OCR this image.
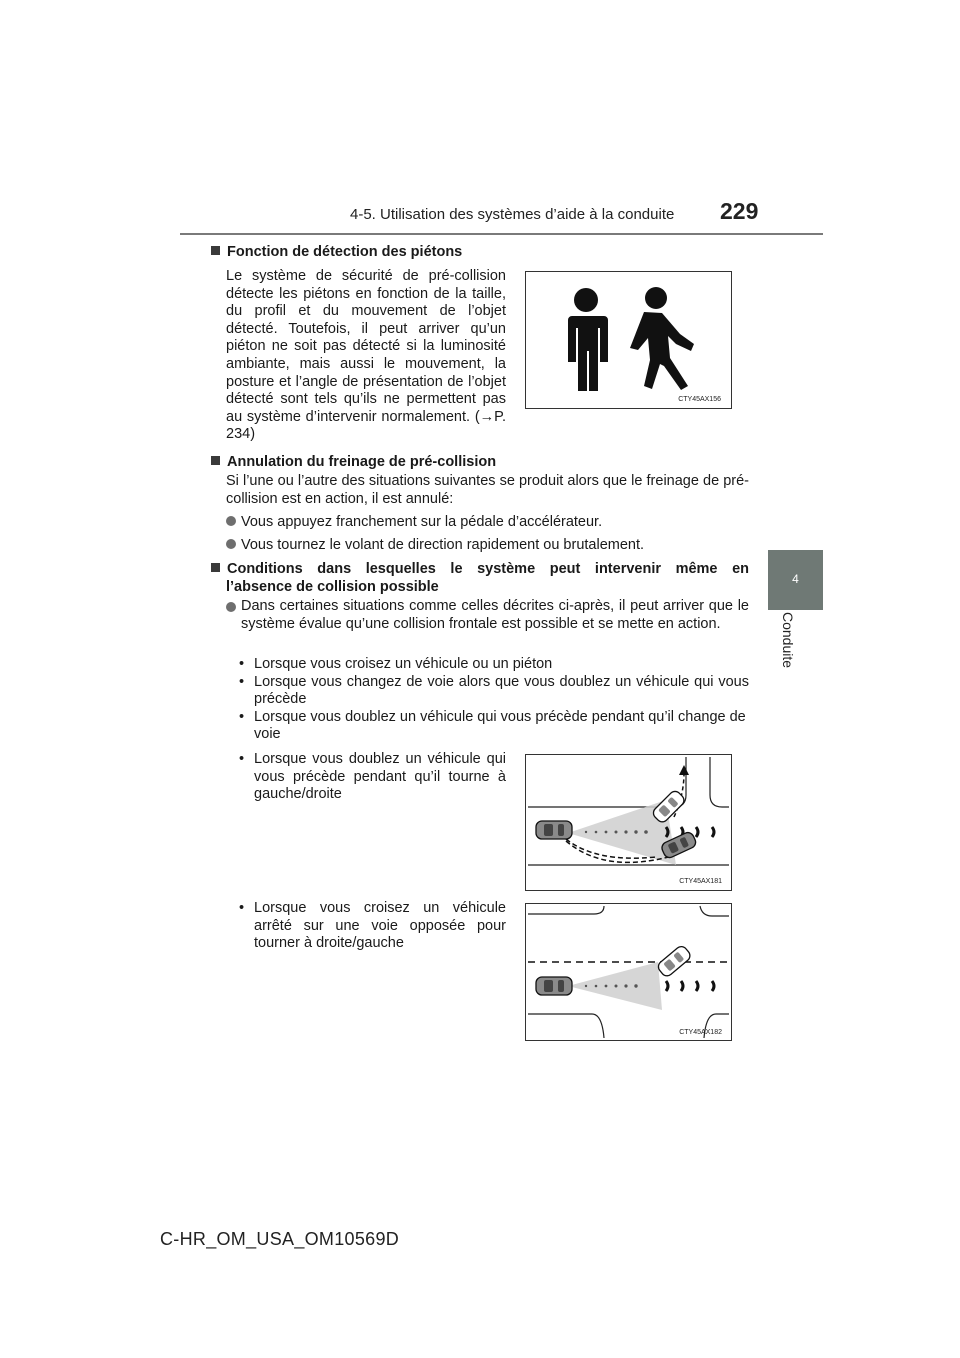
4-5. Utilisation des systèmes d’aide à la conduite 229
4
Conduite
Fonction de détection des piétons
Le système de sécurité de pré-collision détecte les piétons en fonction de la taille, du profil et du mouvement de l’objet détecté. Toutefois, il peut arriver qu’un piéton ne soit pas détecté si la luminosité ambiante, mais aussi le mouvement, la posture et l’angle de présentation de l’objet détecté sont tels qu’ils ne permettent pas au système d’intervenir normalement. (→P. 234)
CTY45AX156
Annulation du freinage de pré-collision
Si l’une ou l’autre des situations suivantes se produit alors que le freinage de pré-collision est en action, il est annulé:
Vous appuyez franchement sur la pédale d’accélérateur.
Vous tournez le volant de direction rapidement ou brutalement.
Conditions dans lesquelles le système peut intervenir même en
l’absence de collision possible
Dans certaines situations comme celles décrites ci-après, il peut arriver que le système évalue qu’une collision frontale est possible et se mette en action.
• Lorsque vous croisez un véhicule ou un piéton
• Lorsque vous changez de voie alors que vous doublez un véhicule qui vous précède
• Lorsque vous doublez un véhicule qui vous précède pendant qu’il change de voie
• Lorsque vous doublez un véhicule qui vous précède pendant qu’il tourne à gauche/droite
CTY45AX181
• Lorsque vous croisez un véhicule arrêté sur une voie opposée pour tourner à droite/gauche
CTY45AX182
C-HR_OM_USA_OM10569D
